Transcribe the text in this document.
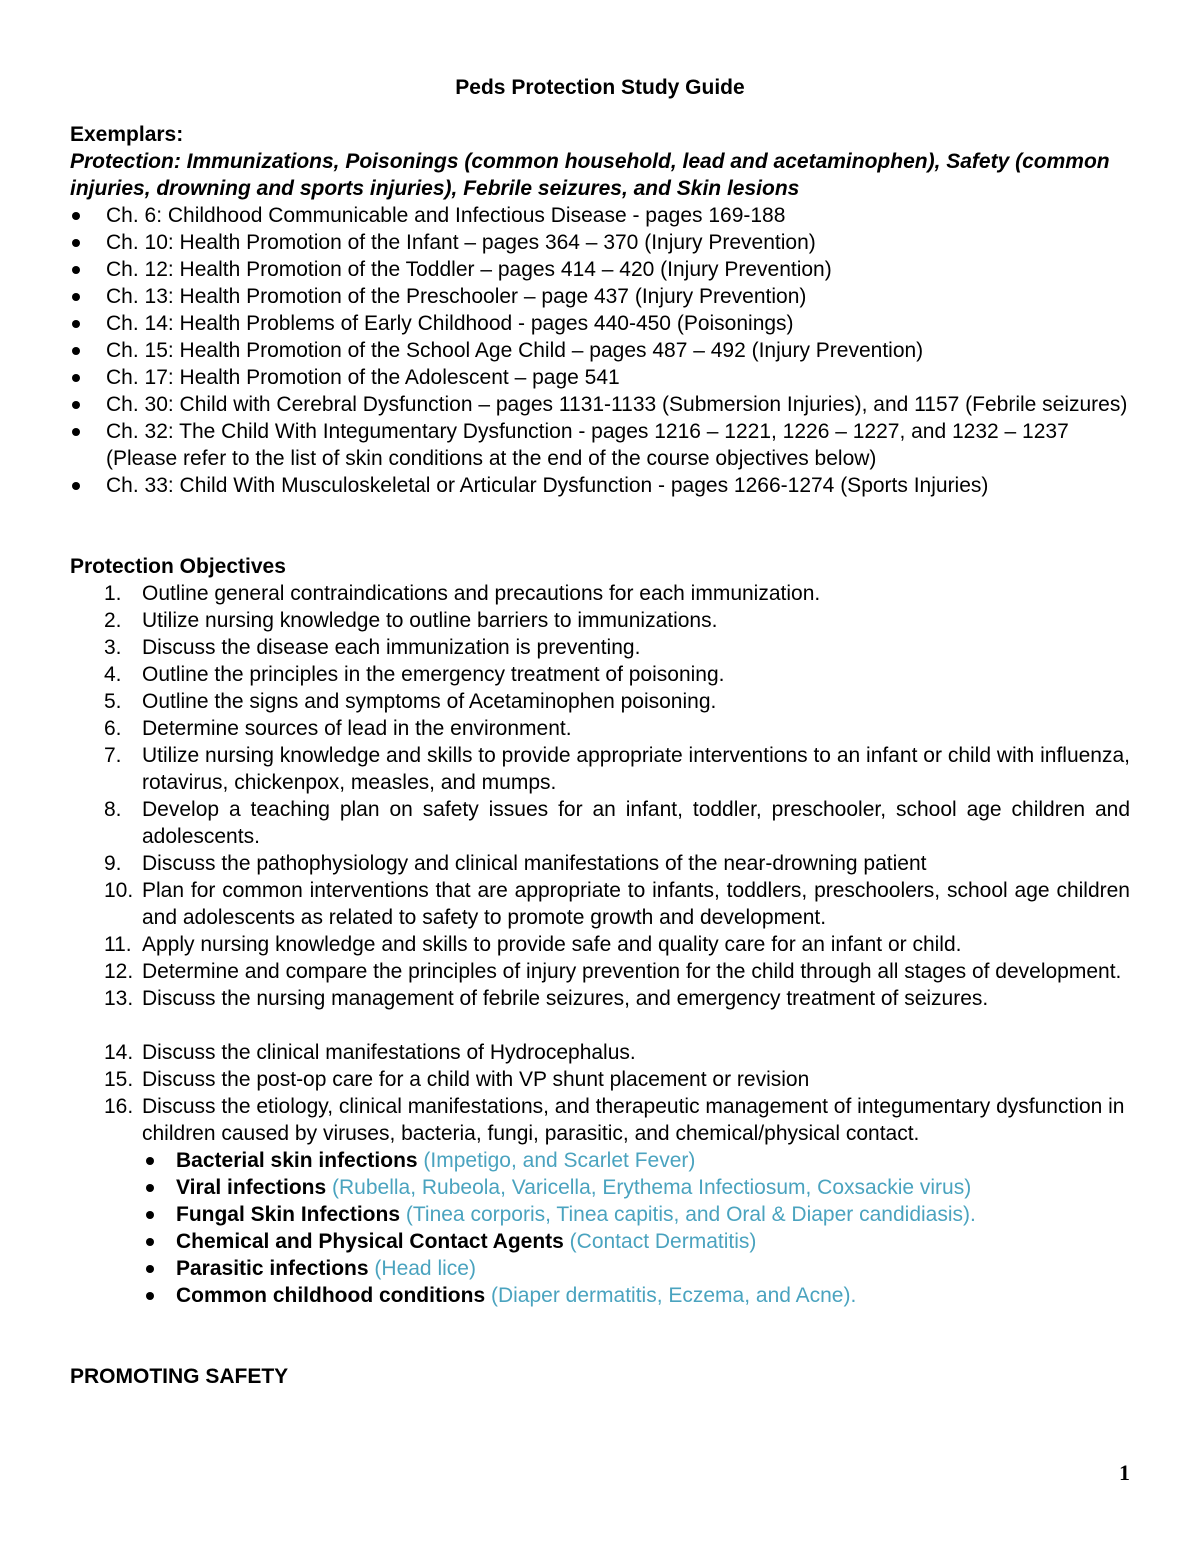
Peds Protection Study Guide

Exemplars:

Protection: Immunizations, Poisonings (common household, lead and acetaminophen), Safety (common injuries, drowning and sports injuries), Febrile seizures, and Skin lesions

Ch. 6: Childhood Communicable and Infectious Disease - pages 169-188
Ch. 10: Health Promotion of the Infant – pages 364 – 370 (Injury Prevention)
Ch. 12: Health Promotion of the Toddler – pages 414 – 420 (Injury Prevention)
Ch. 13: Health Promotion of the Preschooler – page 437 (Injury Prevention)
Ch. 14: Health Problems of Early Childhood - pages 440-450 (Poisonings)
Ch. 15: Health Promotion of the School Age Child – pages 487 – 492 (Injury Prevention)
Ch. 17: Health Promotion of the Adolescent – page 541
Ch. 30: Child with Cerebral Dysfunction – pages 1131-1133 (Submersion Injuries), and 1157 (Febrile seizures)
Ch. 32: The Child With Integumentary Dysfunction - pages 1216 – 1221, 1226 – 1227, and 1232 – 1237 (Please refer to the list of skin conditions at the end of the course objectives below)
Ch. 33: Child With Musculoskeletal or Articular Dysfunction - pages 1266-1274 (Sports Injuries)

Protection Objectives

1. Outline general contraindications and precautions for each immunization.
2. Utilize nursing knowledge to outline barriers to immunizations.
3. Discuss the disease each immunization is preventing.
4. Outline the principles in the emergency treatment of poisoning.
5. Outline the signs and symptoms of Acetaminophen poisoning.
6. Determine sources of lead in the environment.
7. Utilize nursing knowledge and skills to provide appropriate interventions to an infant or child with influenza, rotavirus, chickenpox, measles, and mumps.
8. Develop a teaching plan on safety issues for an infant, toddler, preschooler, school age children and adolescents.
9. Discuss the pathophysiology and clinical manifestations of the near-drowning patient
10. Plan for common interventions that are appropriate to infants, toddlers, preschoolers, school age children and adolescents as related to safety to promote growth and development.
11. Apply nursing knowledge and skills to provide safe and quality care for an infant or child.
12. Determine and compare the principles of injury prevention for the child through all stages of development.
13. Discuss the nursing management of febrile seizures, and emergency treatment of seizures.
14. Discuss the clinical manifestations of Hydrocephalus.
15. Discuss the post-op care for a child with VP shunt placement or revision
16. Discuss the etiology, clinical manifestations, and therapeutic management of integumentary dysfunction in children caused by viruses, bacteria, fungi, parasitic, and chemical/physical contact.
Bacterial skin infections (Impetigo, and Scarlet Fever)
Viral infections (Rubella, Rubeola, Varicella, Erythema Infectiosum, Coxsackie virus)
Fungal Skin Infections (Tinea corporis, Tinea capitis, and Oral & Diaper candidiasis).
Chemical and Physical Contact Agents (Contact Dermatitis)
Parasitic infections (Head lice)
Common childhood conditions (Diaper dermatitis, Eczema, and Acne).

PROMOTING SAFETY

1
